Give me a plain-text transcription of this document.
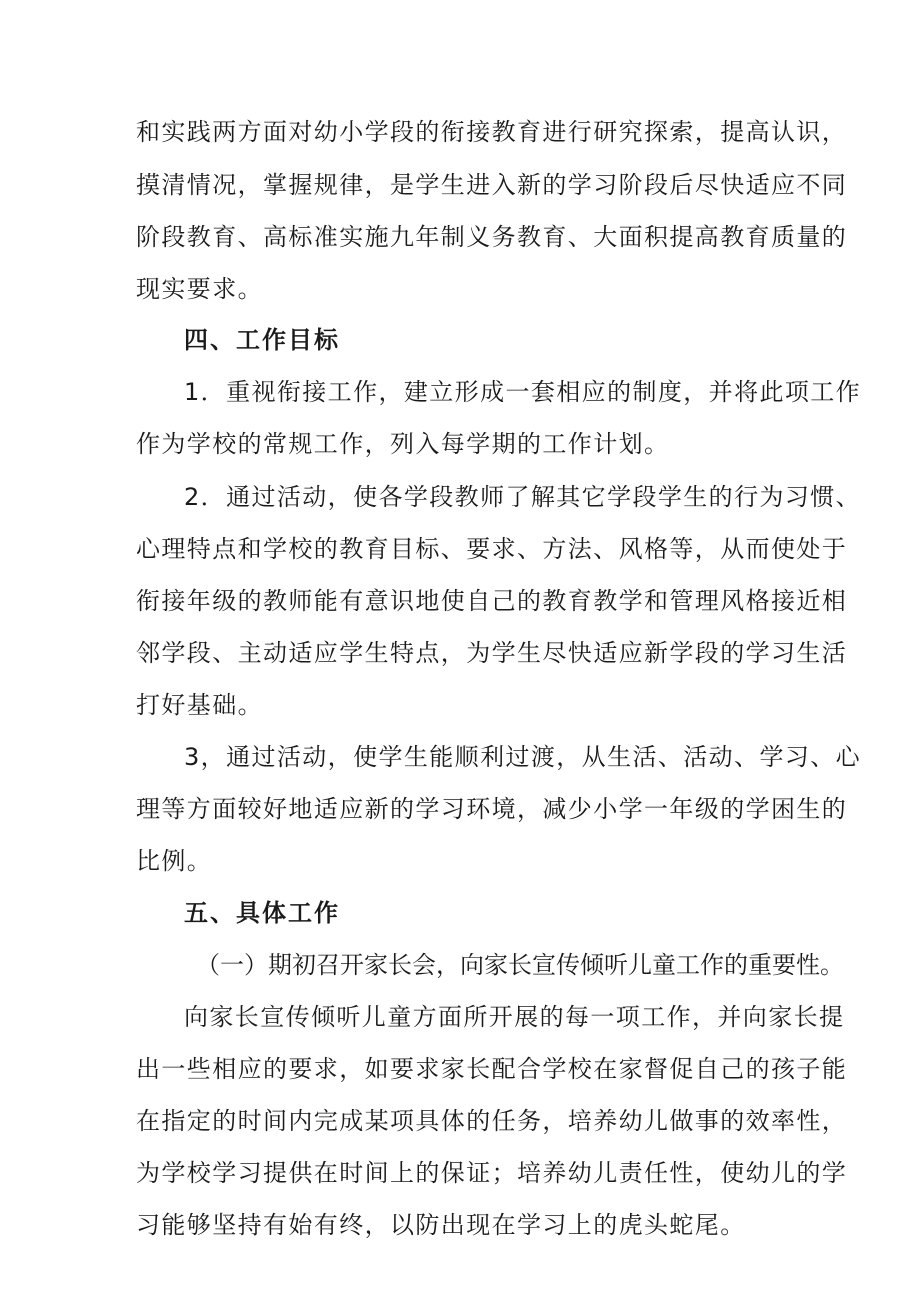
和实践两方面对幼小学段的衔接教育进行研究探索，提高认识，
摸清情况，掌握规律，是学生进入新的学习阶段后尽快适应不同
阶段教育、高标准实施九年制义务教育、大面积提高教育质量的
现实要求。
四、工作目标
1．重视衔接工作，建立形成一套相应的制度，并将此项工作
作为学校的常规工作，列入每学期的工作计划。
2．通过活动，使各学段教师了解其它学段学生的行为习惯、
心理特点和学校的教育目标、要求、方法、风格等，从而使处于
衔接年级的教师能有意识地使自己的教育教学和管理风格接近相
邻学段、主动适应学生特点，为学生尽快适应新学段的学习生活
打好基础。
3，通过活动，使学生能顺利过渡，从生活、活动、学习、心
理等方面较好地适应新的学习环境，减少小学一年级的学困生的
比例。
五、具体工作
（一）期初召开家长会，向家长宣传倾听儿童工作的重要性。
向家长宣传倾听儿童方面所开展的每一项工作，并向家长提
出一些相应的要求，如要求家长配合学校在家督促自己的孩子能
在指定的时间内完成某项具体的任务，培养幼儿做事的效率性，
为学校学习提供在时间上的保证；培养幼儿责任性，使幼儿的学
习能够坚持有始有终，以防出现在学习上的虎头蛇尾。
